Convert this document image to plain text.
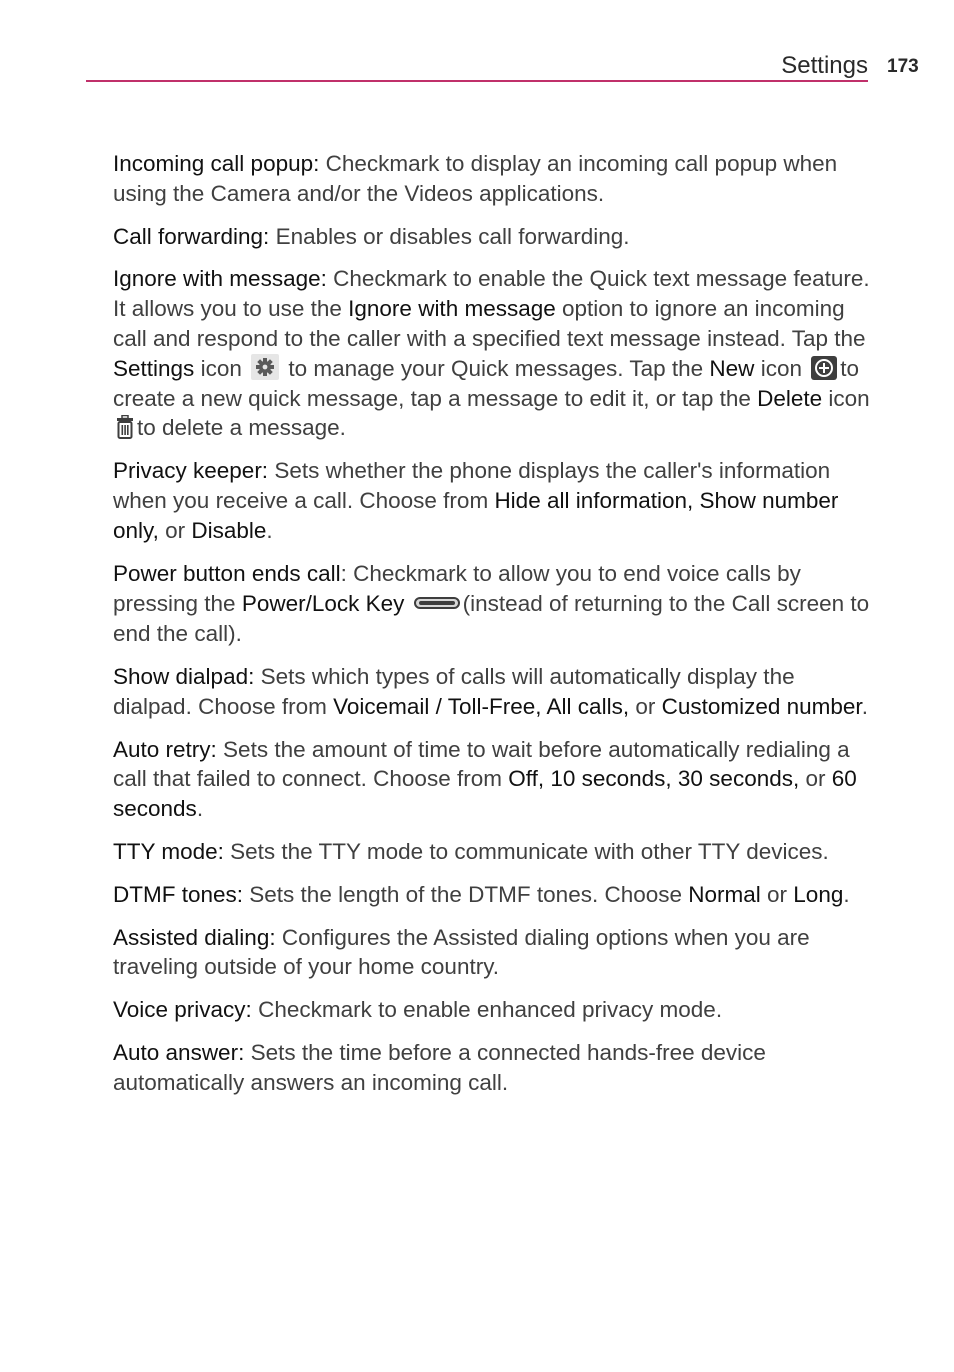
Settings 173

Incoming call popup: Checkmark to display an incoming call popup when using the Camera and/or the Videos applications.

Call forwarding: Enables or disables call forwarding.

Ignore with message: Checkmark to enable the Quick text message feature. It allows you to use the Ignore with message option to ignore an incoming call and respond to the caller with a specified text message instead. Tap the Settings icon  to manage your Quick messages. Tap the New icon to create a new quick message, tap a message to edit it, or tap the Delete icon to delete a message.

Privacy keeper: Sets whether the phone displays the caller's information when you receive a call. Choose from Hide all information, Show number only, or Disable.

Power button ends call: Checkmark to allow you to end voice calls by pressing the Power/Lock Key	(instead of returning to the Call screen to end the call).

Show dialpad: Sets which types of calls will automatically display the dialpad. Choose from Voicemail / Toll-Free, All calls, or Customized number.

Auto retry: Sets the amount of time to wait before automatically redialing a call that failed to connect. Choose from Off, 10 seconds, 30 seconds, or 60 seconds.

TTY mode: Sets the TTY mode to communicate with other TTY devices.

DTMF tones: Sets the length of the DTMF tones. Choose Normal or Long.

Assisted dialing: Configures the Assisted dialing options when you are traveling outside of your home country.

Voice privacy: Checkmark to enable enhanced privacy mode.

Auto answer: Sets the time before a connected hands-free device automatically answers an incoming call.
